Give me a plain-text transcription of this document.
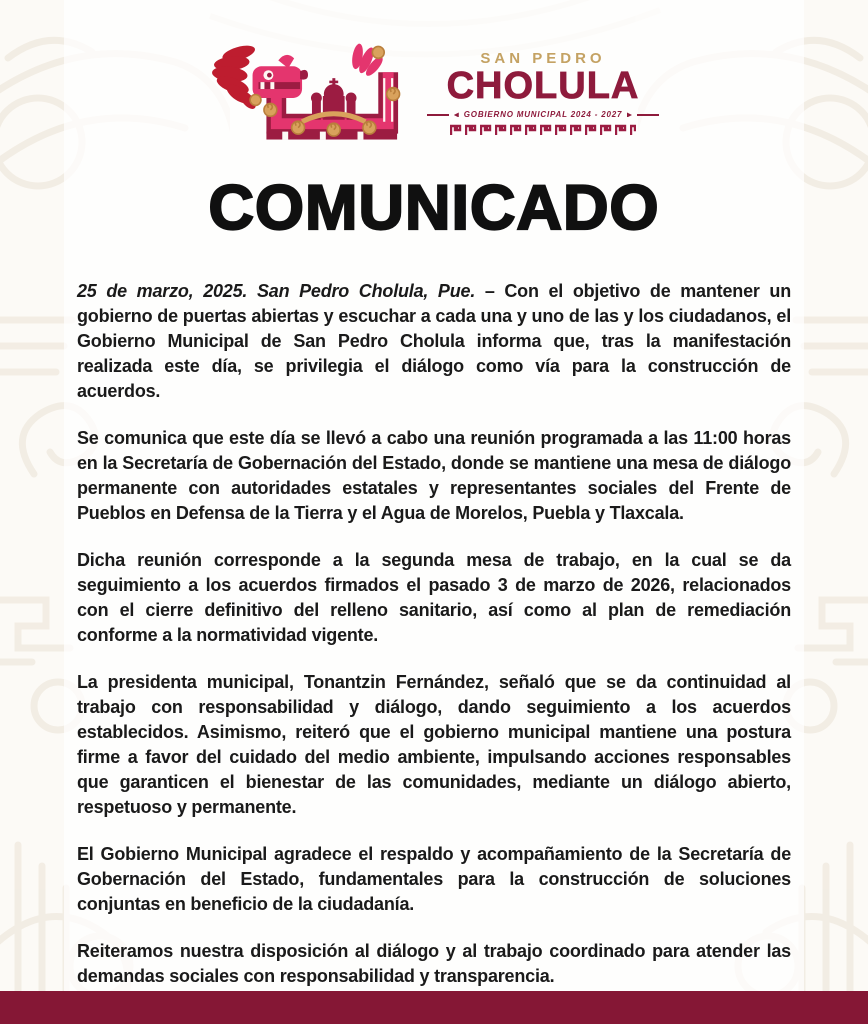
SAN PEDRO
CHOLULA
GOBIERNO MUNICIPAL 2024 - 2027
COMUNICADO

25 de marzo, 2025. San Pedro Cholula, Pue. – Con el objetivo de mantener un gobierno de puertas abiertas y escuchar a cada una y uno de las y los ciudadanos, el Gobierno Municipal de San Pedro Cholula informa que, tras la manifestación realizada este día, se privilegia el diálogo como vía para la construcción de acuerdos.

Se comunica que este día se llevó a cabo una reunión programada a las 11:00 horas en la Secretaría de Gobernación del Estado, donde se mantiene una mesa de diálogo permanente con autoridades estatales y representantes sociales del Frente de Pueblos en Defensa de la Tierra y el Agua de Morelos, Puebla y Tlaxcala.

Dicha reunión corresponde a la segunda mesa de trabajo, en la cual se da seguimiento a los acuerdos firmados el pasado 3 de marzo de 2026, relacionados con el cierre definitivo del relleno sanitario, así como al plan de remediación conforme a la normatividad vigente.

La presidenta municipal, Tonantzin Fernández, señaló que se da continuidad al trabajo con responsabilidad y diálogo, dando seguimiento a los acuerdos establecidos. Asimismo, reiteró que el gobierno municipal mantiene una postura firme a favor del cuidado del medio ambiente, impulsando acciones responsables que garanticen el bienestar de las comunidades, mediante un diálogo abierto, respetuoso y permanente.

El Gobierno Municipal agradece el respaldo y acompañamiento de la Secretaría de Gobernación del Estado, fundamentales para la construcción de soluciones conjuntas en beneficio de la ciudadanía.

Reiteramos nuestra disposición al diálogo y al trabajo coordinado para atender las demandas sociales con responsabilidad y transparencia.
